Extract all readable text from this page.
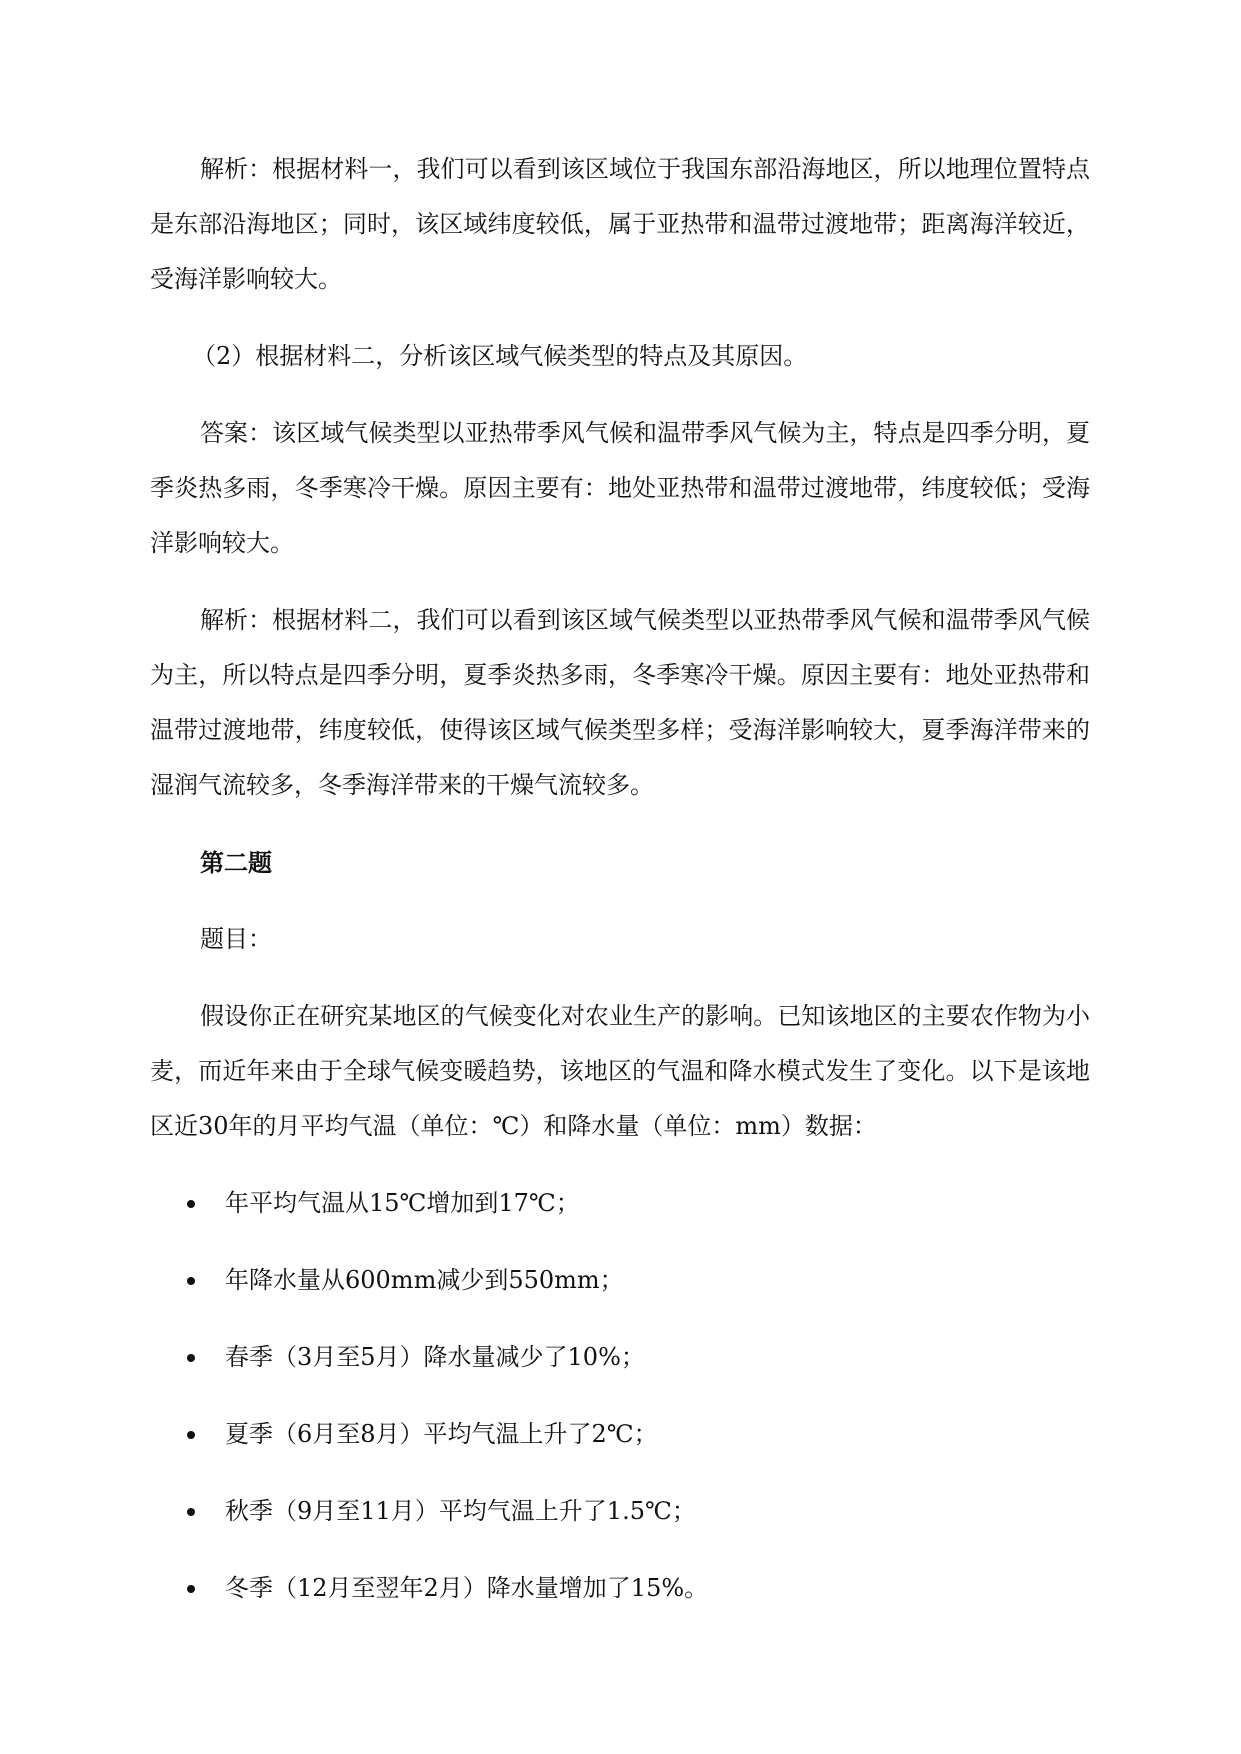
解析：根据材料一，我们可以看到该区域位于我国东部沿海地区，所以地理位置特点是东部沿海地区；同时，该区域纬度较低，属于亚热带和温带过渡地带；距离海洋较近，受海洋影响较大。

（2）根据材料二，分析该区域气候类型的特点及其原因。

答案：该区域气候类型以亚热带季风气候和温带季风气候为主，特点是四季分明，夏季炎热多雨，冬季寒冷干燥。原因主要有：地处亚热带和温带过渡地带，纬度较低；受海洋影响较大。

解析：根据材料二，我们可以看到该区域气候类型以亚热带季风气候和温带季风气候为主，所以特点是四季分明，夏季炎热多雨，冬季寒冷干燥。原因主要有：地处亚热带和温带过渡地带，纬度较低，使得该区域气候类型多样；受海洋影响较大，夏季海洋带来的湿润气流较多，冬季海洋带来的干燥气流较多。

第二题

题目：

假设你正在研究某地区的气候变化对农业生产的影响。已知该地区的主要农作物为小麦，而近年来由于全球气候变暖趋势，该地区的气温和降水模式发生了变化。以下是该地区近30年的月平均气温（单位：℃）和降水量（单位：mm）数据：

年平均气温从15℃增加到17℃；
年降水量从600mm减少到550mm；
春季（3月至5月）降水量减少了10%；
夏季（6月至8月）平均气温上升了2℃；
秋季（9月至11月）平均气温上升了1.5℃；
冬季（12月至翌年2月）降水量增加了15%。
